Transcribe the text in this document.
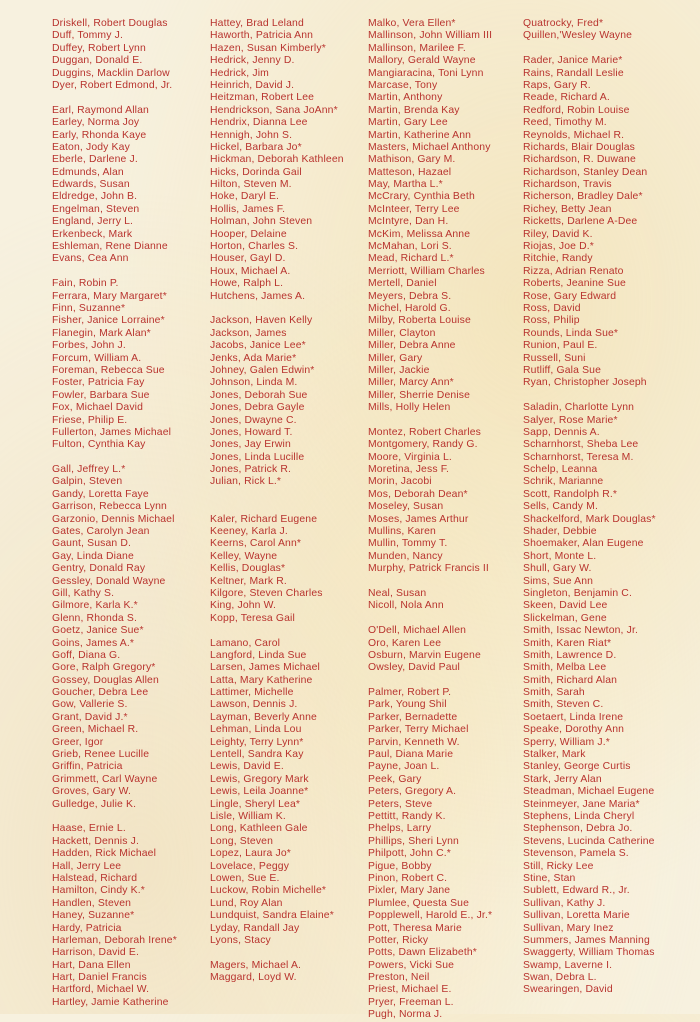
Driskell, Robert Douglas
Duff, Tommy J.
Duffey, Robert Lynn
Duggan, Donald E.
Duggins, Macklin Darlow
Dyer, Robert Edmond, Jr.
Earl, Raymond Allan
Earley, Norma Joy
Early, Rhonda Kaye
Eaton, Jody Kay
Eberle, Darlene J.
Edmunds, Alan
Edwards, Susan
Eldredge, John B.
Engelman, Steven
England, Jerry L.
Erkenbeck, Mark
Eshleman, Rene Dianne
Evans, Cea Ann
Fain, Robin P.
Ferrara, Mary Margaret*
Finn, Suzanne*
Fisher, Janice Lorraine*
Flanegin, Mark Alan*
Forbes, John J.
Forcum, William A.
Foreman, Rebecca Sue
Foster, Patricia Fay
Fowler, Barbara Sue
Fox, Michael David
Friese, Philip E.
Fullerton, James Michael
Fulton, Cynthia Kay
Gall, Jeffrey L.*
Galpin, Steven
Gandy, Loretta Faye
Garrison, Rebecca Lynn
Garzonio, Dennis Michael
Gates, Carolyn Jean
Gaunt, Susan D.
Gay, Linda Diane
Gentry, Donald Ray
Gessley, Donald Wayne
Gill, Kathy S.
Gilmore, Karla K.*
Glenn, Rhonda S.
Goetz, Janice Sue*
Goins, James A.*
Goff, Diana G.
Gore, Ralph Gregory*
Gossey, Douglas Allen
Goucher, Debra Lee
Gow, Vallerie S.
Grant, David J.*
Green, Michael R.
Greer, Igor
Grieb, Renee Lucille
Griffin, Patricia
Grimmett, Carl Wayne
Groves, Gary W.
Gulledge, Julie K.
Haase, Ernie L.
Hackett, Dennis J.
Hadden, Rick Michael
Hall, Jerry Lee
Halstead, Richard
Hamilton, Cindy K.*
Handlen, Steven
Haney, Suzanne*
Hardy, Patricia
Harleman, Deborah Irene*
Harrison, David E.
Hart, Dana Ellen
Hart, Daniel Francis
Hartford, Michael W.
Hartley, Jamie Katherine
Hattey, Brad Leland
Haworth, Patricia Ann
Hazen, Susan Kimberly*
Hedrick, Jenny D.
Hedrick, Jim
Heinrich, David J.
Heitzman, Robert Lee
Hendrickson, Sana JoAnn*
Hendrix, Dianna Lee
Hennigh, John S.
Hickel, Barbara Jo*
Hickman, Deborah Kathleen
Hicks, Dorinda Gail
Hilton, Steven M.
Hoke, Daryl E.
Hollis, James F.
Holman, John Steven
Hooper, Delaine
Horton, Charles S.
Houser, Gayl D.
Houx, Michael A.
Howe, Ralph L.
Hutchens, James A.
Jackson, Haven Kelly
Jackson, James
Jacobs, Janice Lee*
Jenks, Ada Marie*
Johney, Galen Edwin*
Johnson, Linda M.
Jones, Deborah Sue
Jones, Debra Gayle
Jones, Dwayne C.
Jones, Howard T.
Jones, Jay Erwin
Jones, Linda Lucille
Jones, Patrick R.
Julian, Rick L.*
Kaler, Richard Eugene
Keeney, Karla J.
Keerns, Carol Ann*
Kelley, Wayne
Kellis, Douglas*
Keltner, Mark R.
Kilgore, Steven Charles
King, John W.
Kopp, Teresa Gail
Lamano, Carol
Langford, Linda Sue
Larsen, James Michael
Latta, Mary Katherine
Lattimer, Michelle
Lawson, Dennis J.
Layman, Beverly Anne
Lehman, Linda Lou
Leighty, Terry Lynn*
Lentell, Sandra Kay
Lewis, David E.
Lewis, Gregory Mark
Lewis, Leila Joanne*
Lingle, Sheryl Lea*
Lisle, William K.
Long, Kathleen Gale
Long, Steven
Lopez, Laura Jo*
Lovelace, Peggy
Lowen, Sue E.
Luckow, Robin Michelle*
Lund, Roy Alan
Lundquist, Sandra Elaine*
Lyday, Randall Jay
Lyons, Stacy
Magers, Michael A.
Maggard, Loyd W.
Malko, Vera Ellen*
Mallinson, John William III
Mallinson, Marilee F.
Mallory, Gerald Wayne
Mangiaracina, Toni Lynn
Marcase, Tony
Martin, Anthony
Martin, Brenda Kay
Martin, Gary Lee
Martin, Katherine Ann
Masters, Michael Anthony
Mathison, Gary M.
Matteson, Hazael
May, Martha L.*
McCrary, Cynthia Beth
McInteer, Terry Lee
McIntyre, Dan H.
McKim, Melissa Anne
McMahan, Lori S.
Mead, Richard L.*
Merriott, William Charles
Mertell, Daniel
Meyers, Debra S.
Michel, Harold G.
Milby, Roberta Louise
Miller, Clayton
Miller, Debra Anne
Miller, Gary
Miller, Jackie
Miller, Marcy Ann*
Miller, Sherrie Denise
Mills, Holly Helen
Montez, Robert Charles
Montgomery, Randy G.
Moore, Virginia L.
Moretina, Jess F.
Morin, Jacobi
Mos, Deborah Dean*
Moseley, Susan
Moses, James Arthur
Mullins, Karen
Mullin, Tommy T.
Munden, Nancy
Murphy, Patrick Francis II
Neal, Susan
Nicoll, Nola Ann
O'Dell, Michael Allen
Oro, Karen Lee
Osburn, Marvin Eugene
Owsley, David Paul
Palmer, Robert P.
Park, Young Shil
Parker, Bernadette
Parker, Terry Michael
Parvin, Kenneth W.
Paul, Diana Marie
Payne, Joan L.
Peek, Gary
Peters, Gregory A.
Peters, Steve
Pettitt, Randy K.
Phelps, Larry
Phillips, Sheri Lynn
Philpott, John C.*
Pigue, Bobby
Pinon, Robert C.
Pixler, Mary Jane
Plumlee, Questa Sue
Popplewell, Harold E., Jr.*
Pott, Theresa Marie
Potter, Ricky
Potts, Dawn Elizabeth*
Powers, Vicki Sue
Preston, Neil
Priest, Michael E.
Pryer, Freeman L.
Pugh, Norma J.
Quatrocky, Fred*
Quillen,'Wesley Wayne
Rader, Janice Marie*
Rains, Randall Leslie
Raps, Gary R.
Reade, Richard A.
Redford, Robin Louise
Reed, Timothy M.
Reynolds, Michael R.
Richards, Blair Douglas
Richardson, R. Duwane
Richardson, Stanley Dean
Richardson, Travis
Richerson, Bradley Dale*
Richey, Betty Jean
Ricketts, Darlene A-Dee
Riley, David K.
Riojas, Joe D.*
Ritchie, Randy
Rizza, Adrian Renato
Roberts, Jeanine Sue
Rose, Gary Edward
Ross, David
Ross, Philip
Rounds, Linda Sue*
Runion, Paul E.
Russell, Suni
Rutliff, Gala Sue
Ryan, Christopher Joseph
Saladin, Charlotte Lynn
Salyer, Rose Marie*
Sapp, Dennis A.
Scharnhorst, Sheba Lee
Scharnhorst, Teresa M.
Schelp, Leanna
Schrik, Marianne
Scott, Randolph R.*
Sells, Candy M.
Shackelford, Mark Douglas*
Shader, Debbie
Shoemaker, Alan Eugene
Short, Monte L.
Shull, Gary W.
Sims, Sue Ann
Singleton, Benjamin C.
Skeen, David Lee
Slickelman, Gene
Smith, Issac Newton, Jr.
Smith, Karen Riat*
Smith, Lawrence D.
Smith, Melba Lee
Smith, Richard Alan
Smith, Sarah
Smith, Steven C.
Soetaert, Linda Irene
Speake, Dorothy Ann
Sperry, William J.*
Stalker, Mark
Stanley, George Curtis
Stark, Jerry Alan
Steadman, Michael Eugene
Steinmeyer, Jane Maria*
Stephens, Linda Cheryl
Stephenson, Debra Jo.
Stevens, Lucinda Catherine
Stevenson, Pamela S.
Still, Ricky Lee
Stine, Stan
Sublett, Edward R., Jr.
Sullivan, Kathy J.
Sullivan, Loretta Marie
Sullivan, Mary Inez
Summers, James Manning
Swaggerty, William Thomas
Swamp, Laverne I.
Swan, Debra L.
Swearingen, David
